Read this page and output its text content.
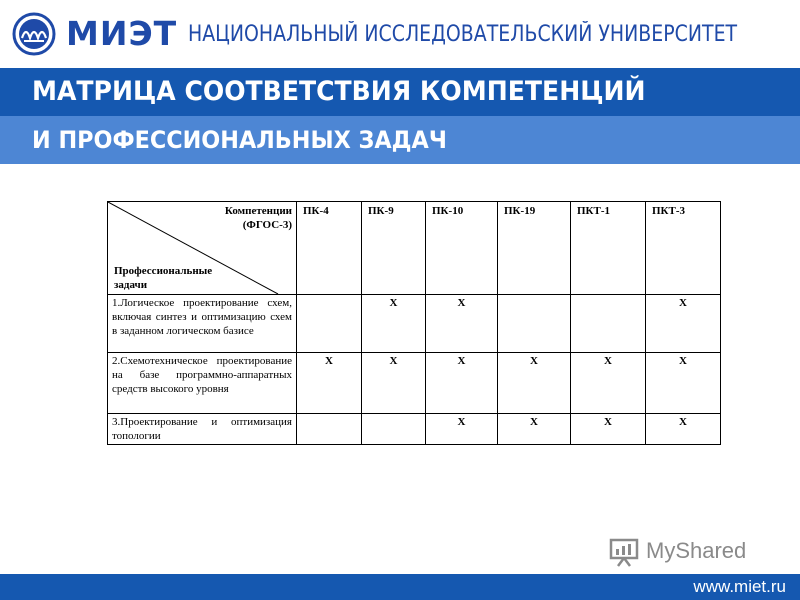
МИЭТ НАЦИОНАЛЬНЫЙ ИССЛЕДОВАТЕЛЬСКИЙ УНИВЕРСИТЕТ
МАТРИЦА СООТВЕТСТВИЯ КОМПЕТЕНЦИЙ
И ПРОФЕССИОНАЛЬНЫХ ЗАДАЧ
Компетенции
(ФГОС-3)
Профессиональные
задачи	ПК-4	ПК-9	ПК-10	ПК-19	ПКТ-1	ПКТ-3
1.Логическое проектирование схем, включая синтез и оптимизацию схем в заданном логическом базисе		Х	Х			Х
2.Схемотехническое проектирование на базе программно-аппаратных средств высокого уровня	Х	Х	Х	Х	Х	Х
3.Проектирование и оптимизация топологии			Х	Х	Х	Х
MyShared
www.miet.ru
